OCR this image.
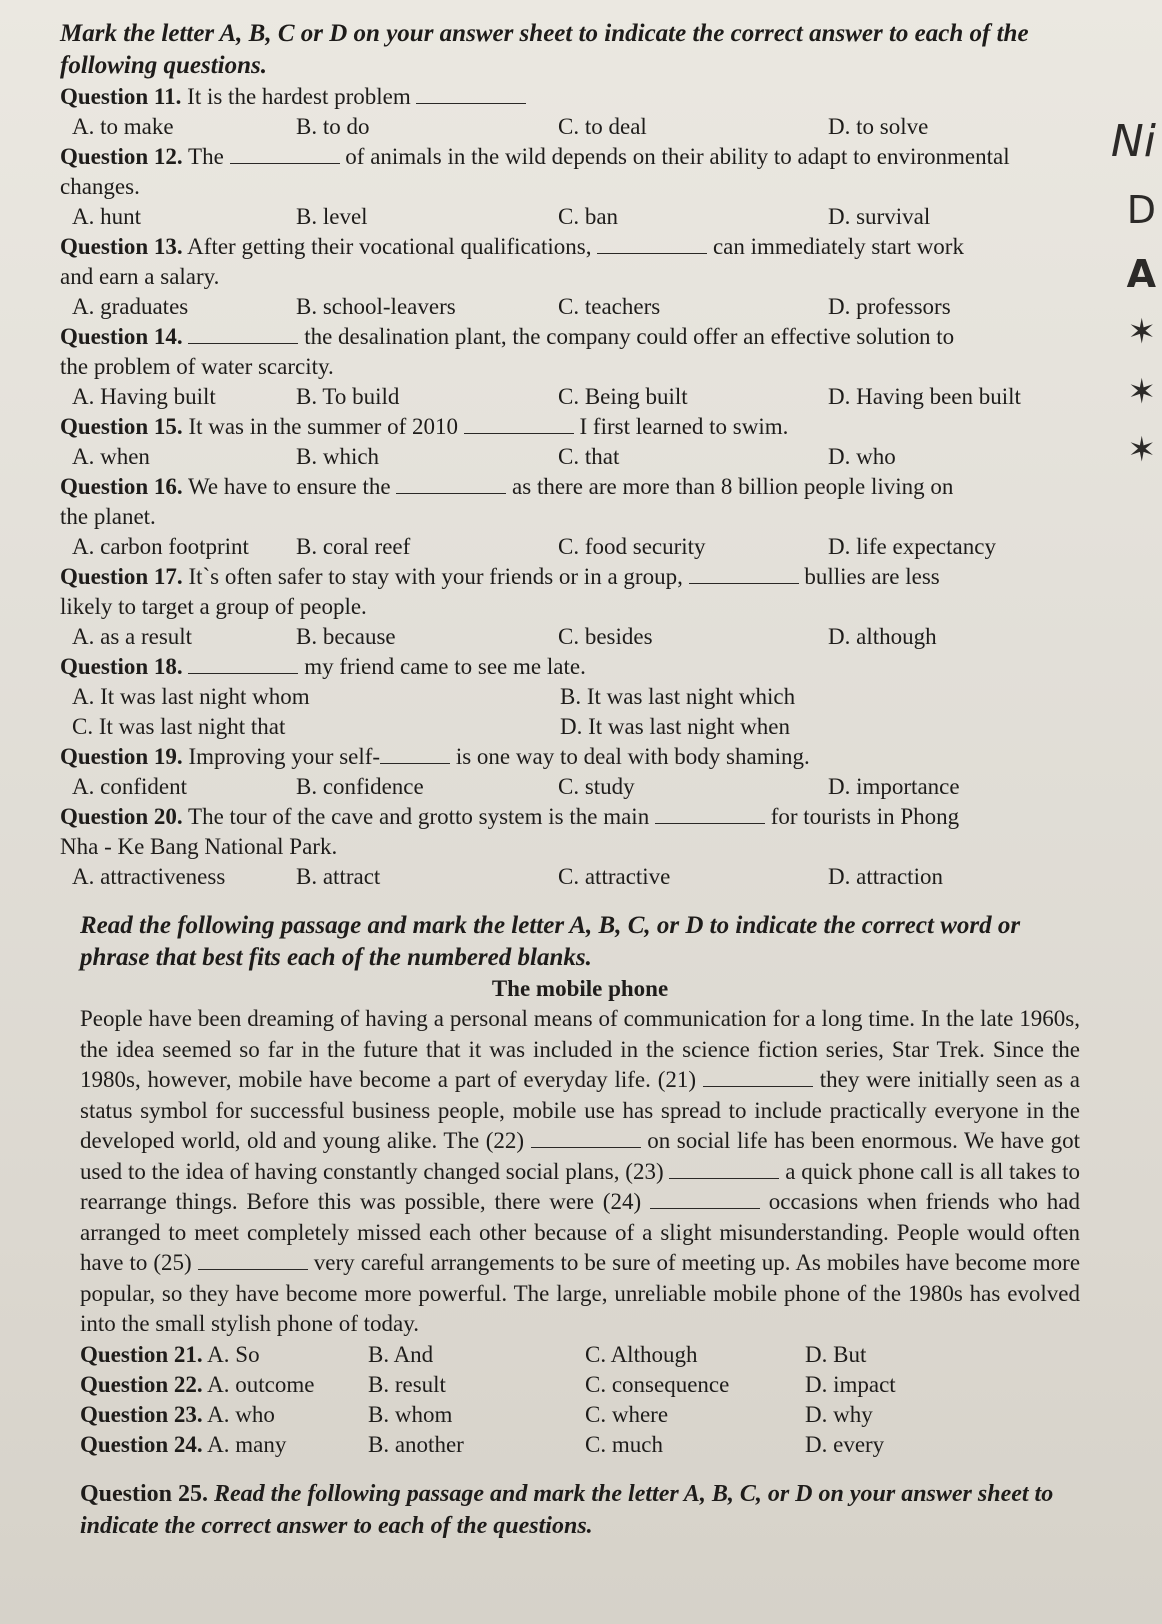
Mark the letter A, B, C or D on your answer sheet to indicate the correct answer to each of the following questions.

Question 11. It is the hardest problem
A. to make	B. to do	C. to deal	D. to solve
Question 12. The	of animals in the wild depends on their ability to adapt to environmental
changes.
A. hunt	B. level	C. ban	D. survival
Question 13. After getting their vocational qualifications,	can immediately start work
and earn a salary.
A. graduates	B. school-leavers	C. teachers	D. professors
Question 14.	the desalination plant, the company could offer an effective solution to
the problem of water scarcity.
A. Having built	B. To build	C. Being built	D. Having been built
Question 15. It was in the summer of 2010	I first learned to swim.
A. when	B. which	C. that	D. who
Question 16. We have to ensure the	as there are more than 8 billion people living on
the planet.
A. carbon footprint B. coral reef	C. food security	D. life expectancy
Question 17. It`s often safer to stay with your friends or in a group,	bullies are less
likely to target a group of people.
A. as a result	B. because	C. besides	D. although
Question 18.	my friend came to see me late.
A. It was last night whom	B. It was last night which
C. It was last night that	D. It was last night when
Question 19. Improving your self-	is one way to deal with body shaming.
A. confident	B. confidence	C. study	D. importance
Question 20. The tour of the cave and grotto system is the main	for tourists in Phong
Nha - Ke Bang National Park.
A. attractiveness	B. attract	C. attractive	D. attraction

Read the following passage and mark the letter A, B, C, or D to indicate the correct word or phrase that best fits each of the numbered blanks.

The mobile phone

People have been dreaming of having a personal means of communication for a long time. In the late 1960s, the idea seemed so far in the future that it was included in the science fiction series, Star Trek. Since the 1980s, however, mobile have become a part of everyday life. (21)	they were initially seen as a status symbol for successful business people, mobile use has spread to include practically everyone in the developed world, old and young alike. The (22)	on social life has been enormous. We have got used to the idea of having constantly changed social plans, (23)	a quick phone call is all takes to rearrange things. Before this was possible, there were (24)	occasions when friends who had arranged to meet completely missed each other because of a slight misunderstanding. People would often have to (25)	very careful arrangements to be sure of meeting up. As mobiles have become more popular, so they have become more powerful. The large, unreliable mobile phone of the 1980s has evolved into the small stylish phone of today.

Question 21. A. So	B. And	C. Although	D. But
Question 22. A. outcome B. result	C. consequence	D. impact
Question 23. A. who	B. whom	C. where	D. why
Question 24. A. many	B. another	C. much	D. every

Question 25. Read the following passage and mark the letter A, B, C, or D on your answer sheet to indicate the correct answer to each of the questions.

Ni
D
A
✶
✶
✶
